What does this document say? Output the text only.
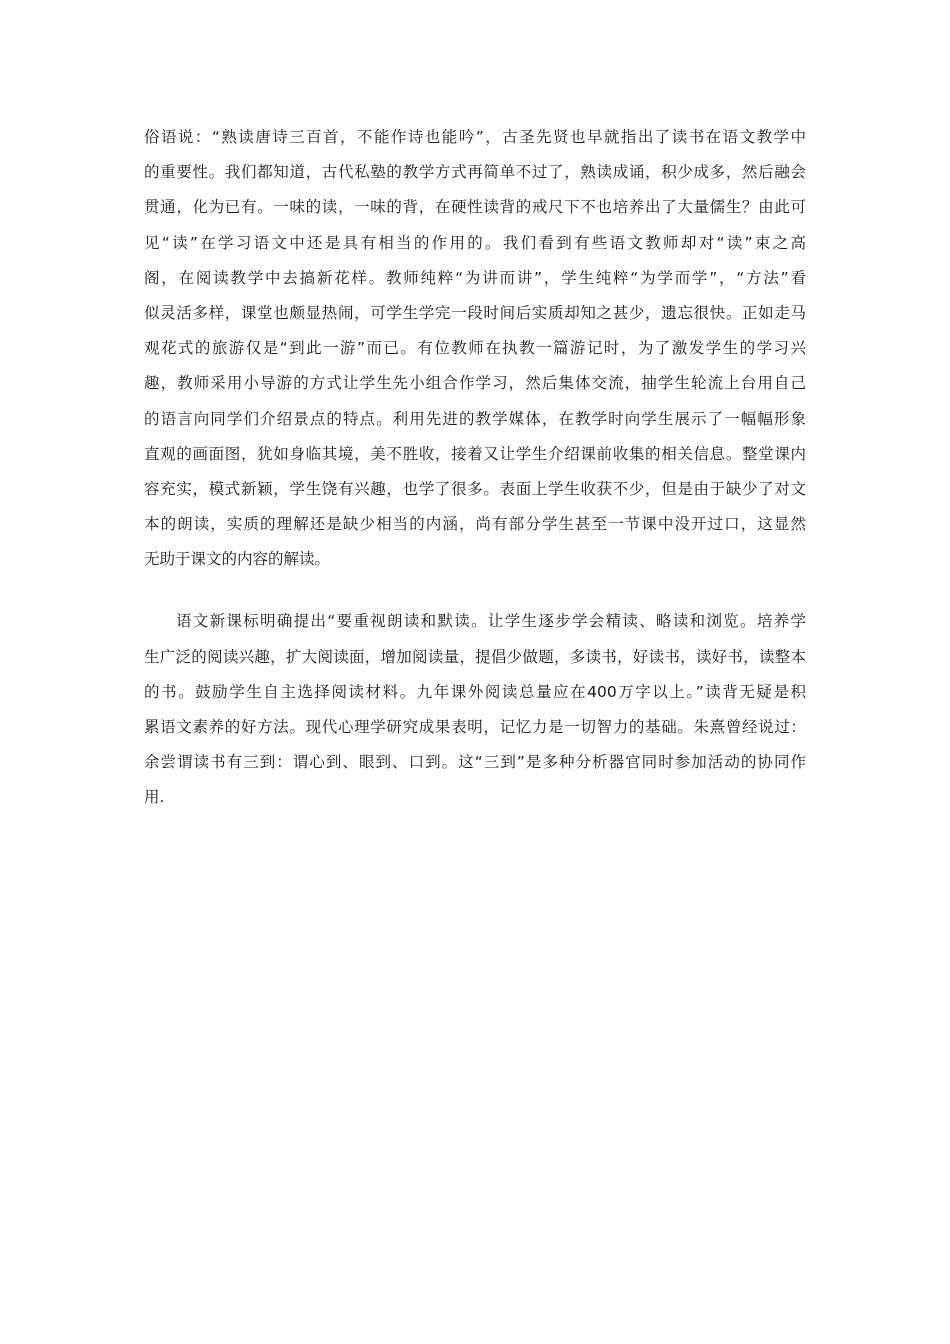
俗语说：“熟读唐诗三百首，不能作诗也能吟”，古圣先贤也早就指出了读书在语文教学中
的重要性。我们都知道，古代私塾的教学方式再简单不过了，熟读成诵，积少成多，然后融会
贯通，化为已有。一味的读，一味的背，在硬性读背的戒尺下不也培养出了大量儒生？由此可
见“读”在学习语文中还是具有相当的作用的。我们看到有些语文教师却对“读”束之高
阁，在阅读教学中去搞新花样。教师纯粹“为讲而讲”，学生纯粹“为学而学”，“方法”看
似灵活多样，课堂也颇显热闹，可学生学完一段时间后实质却知之甚少，遗忘很快。正如走马
观花式的旅游仅是“到此一游”而已。有位教师在执教一篇游记时，为了激发学生的学习兴
趣，教师采用小导游的方式让学生先小组合作学习，然后集体交流，抽学生轮流上台用自己
的语言向同学们介绍景点的特点。利用先进的教学媒体，在教学时向学生展示了一幅幅形象
直观的画面图，犹如身临其境，美不胜收，接着又让学生介绍课前收集的相关信息。整堂课内
容充实，模式新颖，学生饶有兴趣，也学了很多。表面上学生收获不少，但是由于缺少了对文
本的朗读，实质的理解还是缺少相当的内涵，尚有部分学生甚至一节课中没开过口，这显然
无助于课文的内容的解读。
语文新课标明确提出“要重视朗读和默读。让学生逐步学会精读、略读和浏览。培养学
生广泛的阅读兴趣，扩大阅读面，增加阅读量，提倡少做题，多读书，好读书，读好书，读整本
的书。鼓励学生自主选择阅读材料。九年课外阅读总量应在400万字以上。”读背无疑是积
累语文素养的好方法。现代心理学研究成果表明，记忆力是一切智力的基础。朱熹曾经说过：
余尝谓读书有三到：谓心到、眼到、口到。这“三到”是多种分析器官同时参加活动的协同作
用.
